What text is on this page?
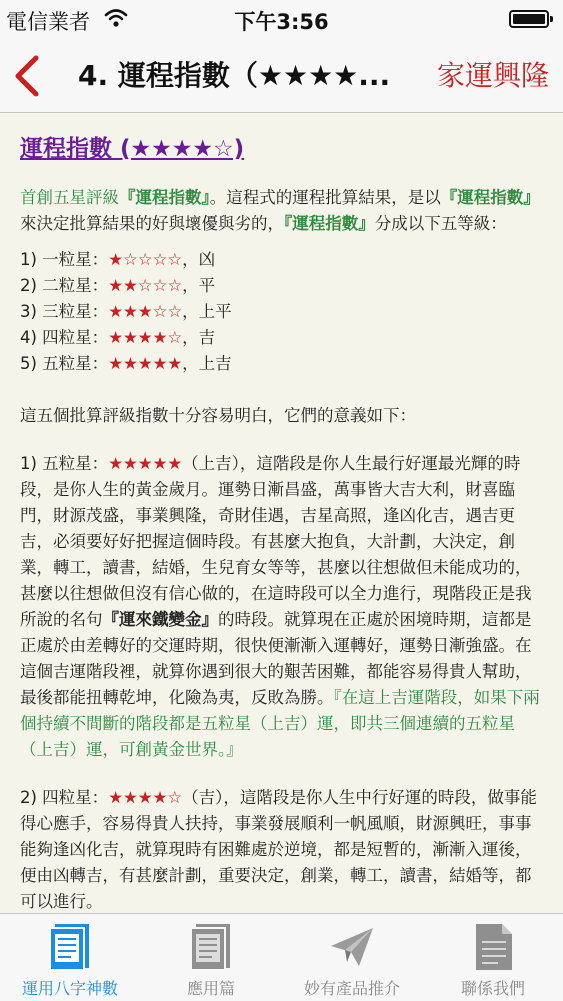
電信業者	下午3:56
4. 運程指數（★★★★...	家運興隆
運程指數 (★★★★☆)

首創五星評級『運程指數』。這程式的運程批算結果，是以『運程指數』來決定批算結果的好與壞優與劣的，『運程指數』分成以下五等級：

1) 一粒星：★☆☆☆☆，凶
2) 二粒星：★★☆☆☆，平
3) 三粒星：★★★☆☆，上平
4) 四粒星：★★★★☆，吉
5) 五粒星：★★★★★，上吉

這五個批算評級指數十分容易明白，它們的意義如下：

1) 五粒星：★★★★★（上吉），這階段是你人生最行好運最光輝的時段，是你人生的黃金歲月。運勢日漸昌盛，萬事皆大吉大利，財喜臨門，財源茂盛，事業興隆，奇財佳遇，吉星高照，逢凶化吉，遇吉更吉，必須要好好把握這個時段。有甚麼大抱負，大計劃，大決定，創業，轉工，讀書，結婚，生兒育女等等，甚麼以往想做但未能成功的，甚麼以往想做但沒有信心做的，在這時段可以全力進行，現階段正是我所說的名句『運來鐵變金』的時段。就算現在正處於困境時期，這都是正處於由差轉好的交運時期，很快便漸漸入運轉好，運勢日漸強盛。在這個吉運階段裡，就算你遇到很大的艱苦困難，都能容易得貴人幫助，最後都能扭轉乾坤，化險為夷，反敗為勝。『在這上吉運階段，如果下兩個持續不間斷的階段都是五粒星（上吉）運，即共三個連續的五粒星（上吉）運，可創黃金世界。』

2) 四粒星：★★★★☆（吉），這階段是你人生中行好運的時段，做事能得心應手，容易得貴人扶持，事業發展順利一帆風順，財源興旺，事事能夠逢凶化吉，就算現時有困難處於逆境，都是短暫的，漸漸入運後，便由凶轉吉，有甚麼計劃，重要決定，創業，轉工，讀書，結婚等，都可以進行。

運用八字神數	應用篇	妙有產品推介	聯係我們
